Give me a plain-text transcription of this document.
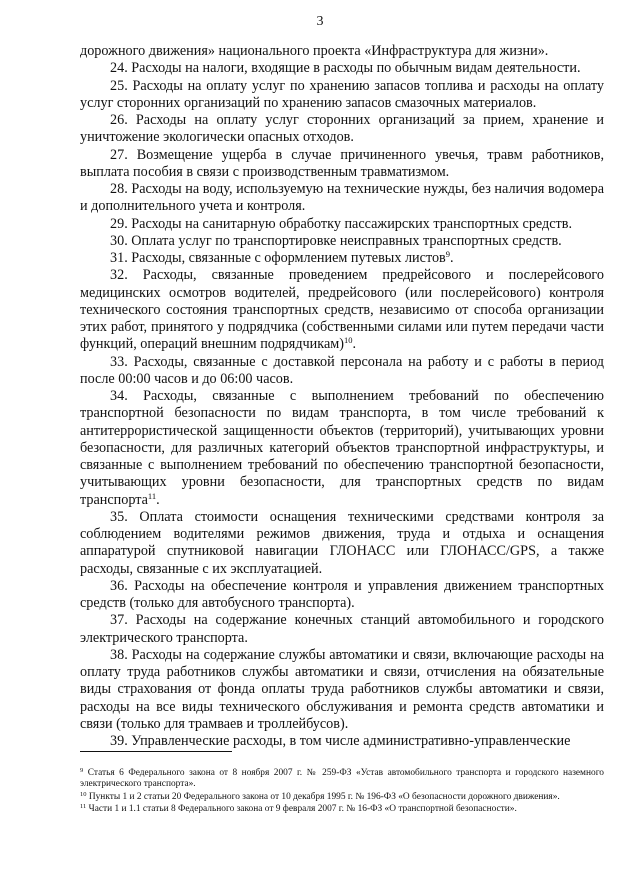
3

дорожного движения» национального проекта «Инфраструктура для жизни».

24. Расходы на налоги, входящие в расходы по обычным видам деятельности.

25. Расходы на оплату услуг по хранению запасов топлива и расходы на оплату услуг сторонних организаций по хранению запасов смазочных материалов.

26. Расходы на оплату услуг сторонних организаций за прием, хранение и уничтожение экологически опасных отходов.

27. Возмещение ущерба в случае причиненного увечья, травм работников, выплата пособия в связи с производственным травматизмом.

28. Расходы на воду, используемую на технические нужды, без наличия водомера и дополнительного учета и контроля.

29. Расходы на санитарную обработку пассажирских транспортных средств.

30. Оплата услуг по транспортировке неисправных транспортных средств.

31. Расходы, связанные с оформлением путевых листов$^9$.

32. Расходы, связанные проведением предрейсового и послерейсового медицинских осмотров водителей, предрейсового (или послерейсового) контроля технического состояния транспортных средств, независимо от способа организации этих работ, принятого у подрядчика (собственными силами или путем передачи части функций, операций внешним подрядчикам)$^{10}$.

33. Расходы, связанные с доставкой персонала на работу и с работы в период после 00:00 часов и до 06:00 часов.

34. Расходы, связанные с выполнением требований по обеспечению транспортной безопасности по видам транспорта, в том числе требований к антитеррористической защищенности объектов (территорий), учитывающих уровни безопасности, для различных категорий объектов транспортной инфраструктуры, и связанные с выполнением требований по обеспечению транспортной безопасности, учитывающих уровни безопасности, для транспортных средств по видам транспорта$^{11}$.

35. Оплата стоимости оснащения техническими средствами контроля за соблюдением водителями режимов движения, труда и отдыха и оснащения аппаратурой спутниковой навигации ГЛОНАСС или ГЛОНАСС/GPS, а также расходы, связанные с их эксплуатацией.

36. Расходы на обеспечение контроля и управления движением транспортных средств (только для автобусного транспорта).

37. Расходы на содержание конечных станций автомобильного и городского электрического транспорта.

38. Расходы на содержание службы автоматики и связи, включающие расходы на оплату труда работников службы автоматики и связи, отчисления на обязательные виды страхования от фонда оплаты труда работников службы автоматики и связи, расходы на все виды технического обслуживания и ремонта средств автоматики и связи (только для трамваев и троллейбусов).

39. Управленческие расходы, в том числе административно-управленческие

$^9$ Статья 6 Федерального закона от 8 ноября 2007 г. № 259-ФЗ «Устав автомобильного транспорта и городского наземного электрического транспорта».

$^{10}$ Пункты 1 и 2 статьи 20 Федерального закона от 10 декабря 1995 г. № 196-ФЗ «О безопасности дорожного движения».

$^{11}$ Части 1 и 1.1 статьи 8 Федерального закона от 9 февраля 2007 г. № 16-ФЗ «О транспортной безопасности».
